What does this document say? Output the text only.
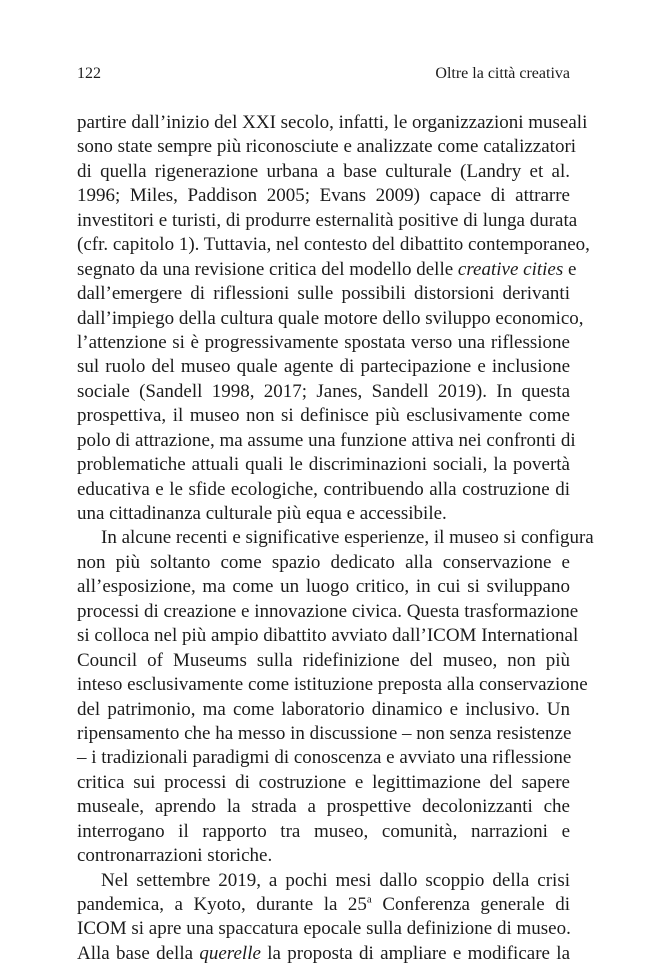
122	Oltre la città creativa
partire dall’inizio del XXI secolo, infatti, le organizzazioni museali
sono state sempre più riconosciute e analizzate come catalizzatori
di quella rigenerazione urbana a base culturale (Landry et al.
1996; Miles, Paddison 2005; Evans 2009) capace di attrarre
investitori e turisti, di produrre esternalità positive di lunga durata
(cfr. capitolo 1). Tuttavia, nel contesto del dibattito contemporaneo,
segnato da una revisione critica del modello delle creative cities e
dall’emergere di riflessioni sulle possibili distorsioni derivanti
dall’impiego della cultura quale motore dello sviluppo economico,
l’attenzione si è progressivamente spostata verso una riflessione
sul ruolo del museo quale agente di partecipazione e inclusione
sociale (Sandell 1998, 2017; Janes, Sandell 2019). In questa
prospettiva, il museo non si definisce più esclusivamente come
polo di attrazione, ma assume una funzione attiva nei confronti di
problematiche attuali quali le discriminazioni sociali, la povertà
educativa e le sfide ecologiche, contribuendo alla costruzione di
una cittadinanza culturale più equa e accessibile.
In alcune recenti e significative esperienze, il museo si configura
non più soltanto come spazio dedicato alla conservazione e
all’esposizione, ma come un luogo critico, in cui si sviluppano
processi di creazione e innovazione civica. Questa trasformazione
si colloca nel più ampio dibattito avviato dall’ICOM International
Council of Museums sulla ridefinizione del museo, non più
inteso esclusivamente come istituzione preposta alla conservazione
del patrimonio, ma come laboratorio dinamico e inclusivo. Un
ripensamento che ha messo in discussione – non senza resistenze
– i tradizionali paradigmi di conoscenza e avviato una riflessione
critica sui processi di costruzione e legittimazione del sapere
museale, aprendo la strada a prospettive decolonizzanti che
interrogano il rapporto tra museo, comunità, narrazioni e
contronarrazioni storiche.
Nel settembre 2019, a pochi mesi dallo scoppio della crisi
pandemica, a Kyoto, durante la 25$^a$ Conferenza generale di
ICOM si apre una spaccatura epocale sulla definizione di museo.
Alla base della querelle la proposta di ampliare e modificare la
